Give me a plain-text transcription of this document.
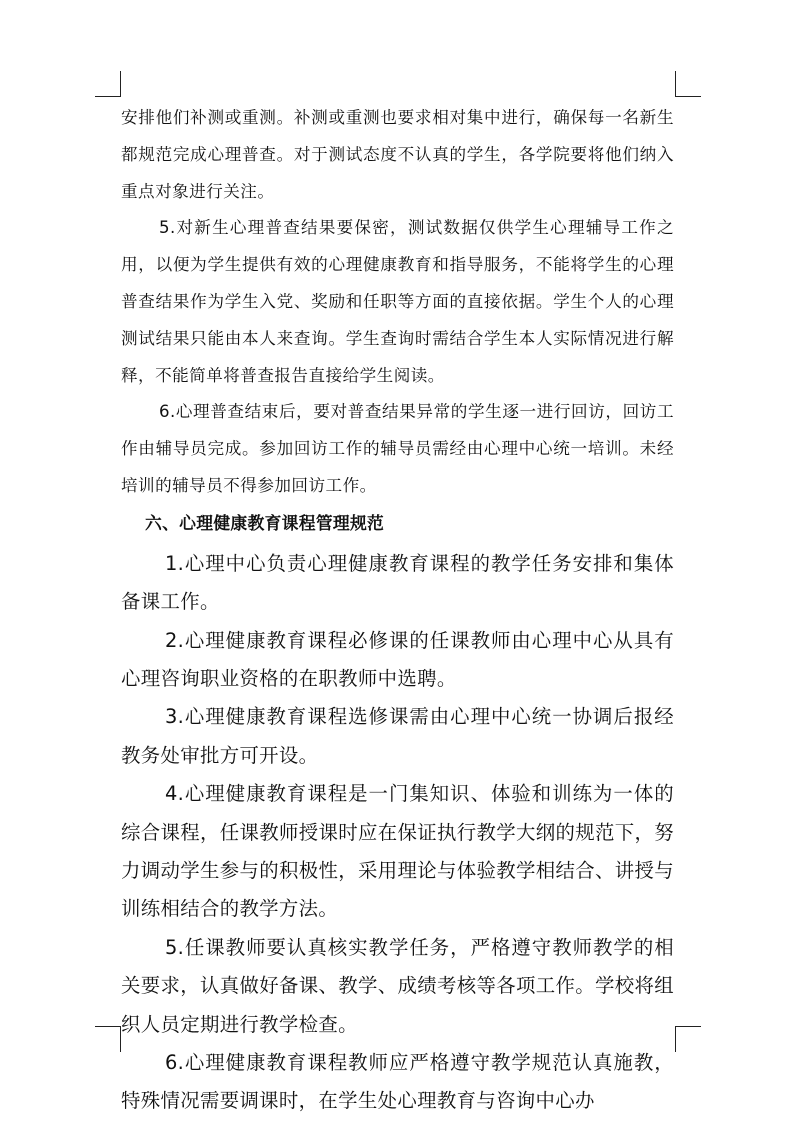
安排他们补测或重测。补测或重测也要求相对集中进行，确保每一名新生都规范完成心理普查。对于测试态度不认真的学生，各学院要将他们纳入重点对象进行关注。

5.对新生心理普查结果要保密，测试数据仅供学生心理辅导工作之用，以便为学生提供有效的心理健康教育和指导服务，不能将学生的心理普查结果作为学生入党、奖励和任职等方面的直接依据。学生个人的心理测试结果只能由本人来查询。学生查询时需结合学生本人实际情况进行解释，不能简单将普查报告直接给学生阅读。

6.心理普查结束后，要对普查结果异常的学生逐一进行回访，回访工作由辅导员完成。参加回访工作的辅导员需经由心理中心统一培训。未经培训的辅导员不得参加回访工作。

六、心理健康教育课程管理规范

1.心理中心负责心理健康教育课程的教学任务安排和集体备课工作。

2.心理健康教育课程必修课的任课教师由心理中心从具有心理咨询职业资格的在职教师中选聘。

3.心理健康教育课程选修课需由心理中心统一协调后报经教务处审批方可开设。

4.心理健康教育课程是一门集知识、体验和训练为一体的综合课程，任课教师授课时应在保证执行教学大纲的规范下，努力调动学生参与的积极性，采用理论与体验教学相结合、讲授与训练相结合的教学方法。

5.任课教师要认真核实教学任务，严格遵守教师教学的相关要求，认真做好备课、教学、成绩考核等各项工作。学校将组织人员定期进行教学检查。

6.心理健康教育课程教师应严格遵守教学规范认真施教，特殊情况需要调课时，在学生处心理教育与咨询中心办
